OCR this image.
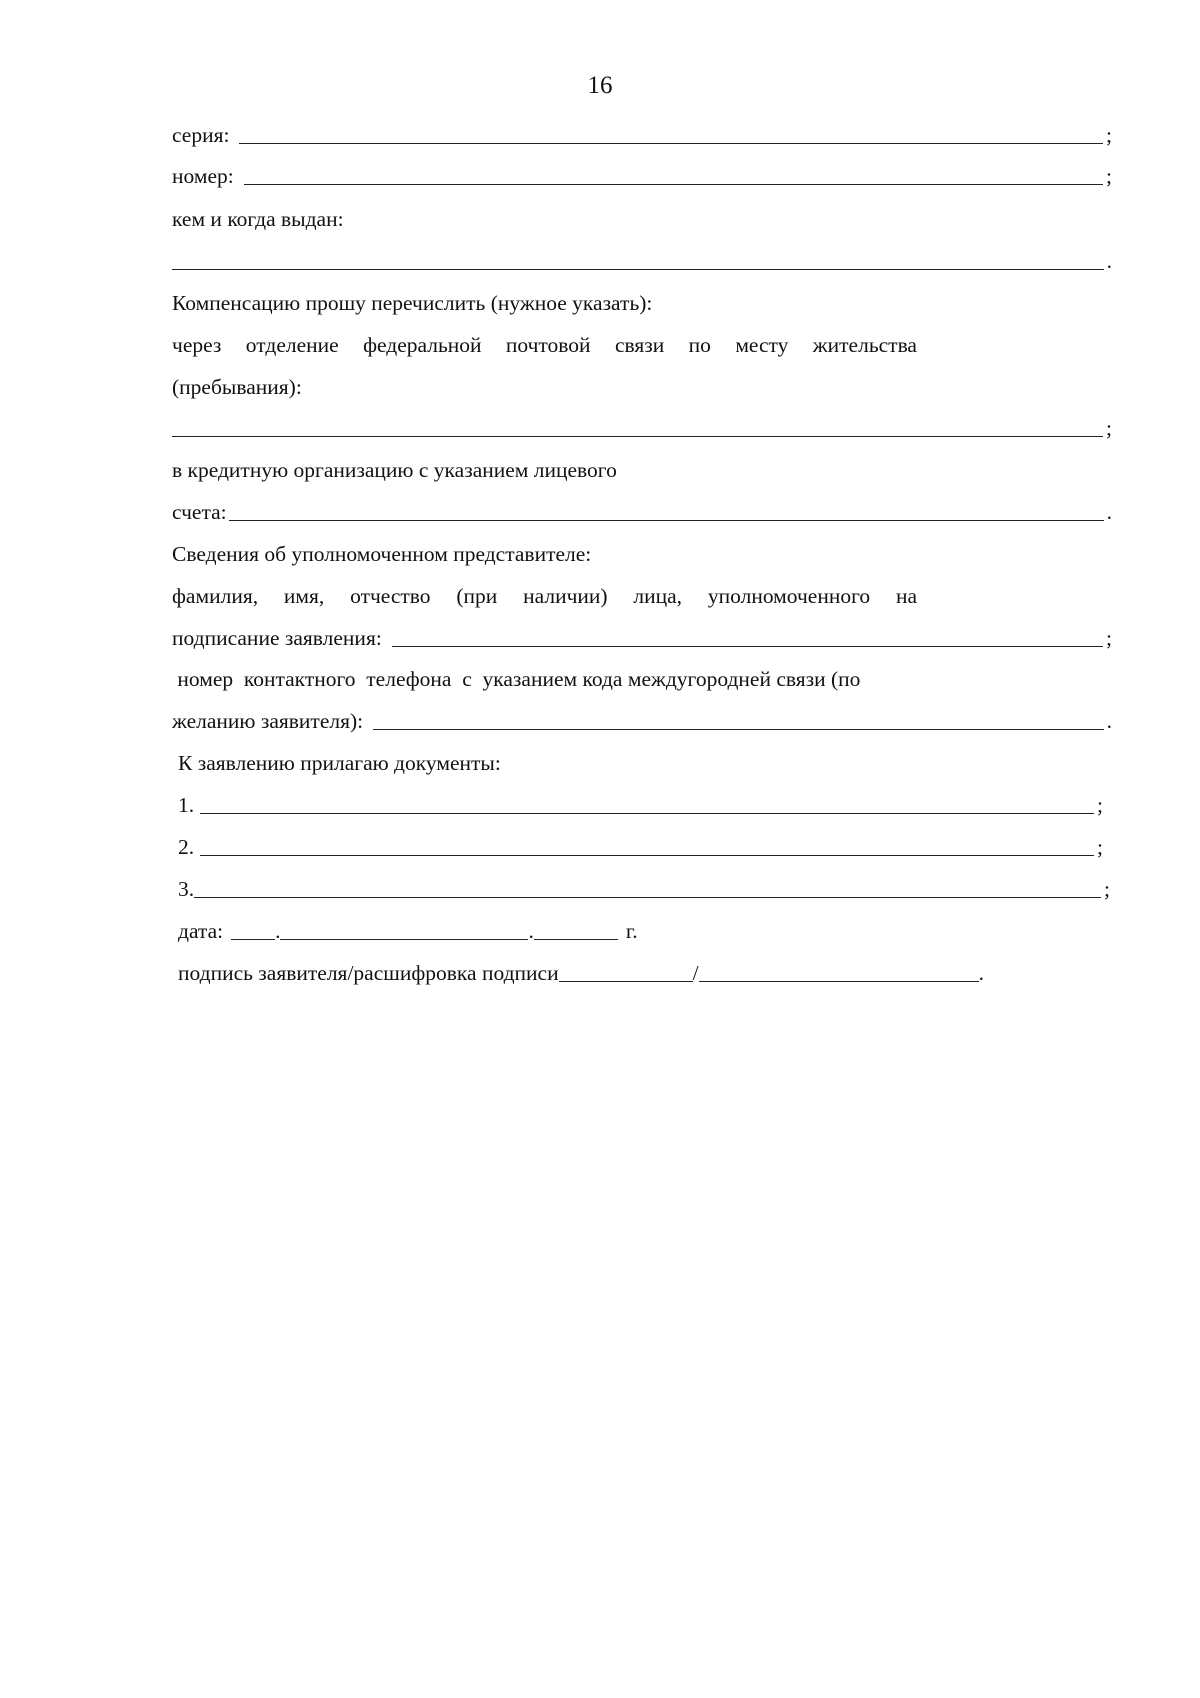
16
серия:	;
номер:	;
кем и когда выдан:
.
Компенсацию прошу перечислить (нужное указать):
через отделение федеральной почтовой связи по месту жительства
(пребывания):
;
в кредитную организацию с указанием лицевого
счета:	.
Сведения об уполномоченном представителе:
фамилия, имя, отчество (при наличии) лица, уполномоченного на
подписание заявления:	;
номер  контактного  телефона  с  указанием кода междугородней связи (по
желанию заявителя):	.
К заявлению прилагаю документы:
1.	;
2.	;
3.	;
дата: .	.	г.
подпись заявителя/расшифровка подписи	/	.
